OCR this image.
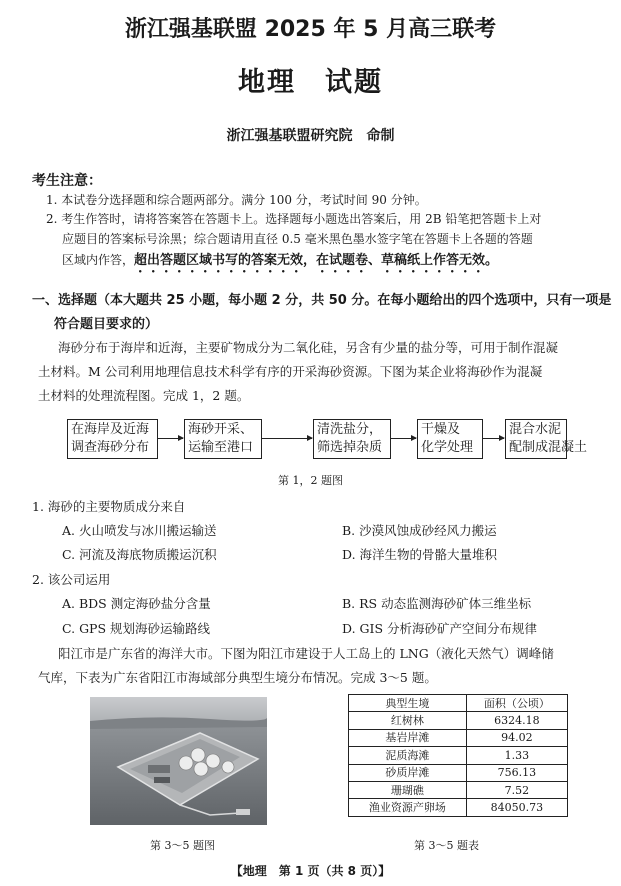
浙江强基联盟 2025 年 5 月高三联考
地理　试题
浙江强基联盟研究院　命制
考生注意：
1. 本试卷分选择题和综合题两部分。满分 100 分，考试时间 90 分钟。
2. 考生作答时，请将答案答在答题卡上。选择题每小题选出答案后，用 2B 铅笔把答题卡上对
应题目的答案标号涂黑；综合题请用直径 0.5 毫米黑色墨水签字笔在答题卡上各题的答题
区域内作答，超出答题区域书写的答案无效，在试题卷、草稿纸上作答无效。
一、选择题（本大题共 25 小题，每小题 2 分，共 50 分。在每小题给出的四个选项中，只有一项是
符合题目要求的）
海砂分布于海岸和近海，主要矿物成分为二氧化硅，另含有少量的盐分等，可用于制作混凝
土材料。M 公司利用地理信息技术科学有序的开采海砂资源。下图为某企业将海砂作为混凝
土材料的处理流程图。完成 1，2 题。
在海岸及近海
调查海砂分布
海砂开采、
运输至港口
清洗盐分，
筛选掉杂质
干燥及
化学处理
混合水泥
配制成混凝土
第 1，2 题图
1. 海砂的主要物质成分来自
A. 火山喷发与冰川搬运输送	B. 沙漠风蚀成砂经风力搬运
C. 河流及海底物质搬运沉积	D. 海洋生物的骨骼大量堆积
2. 该公司运用
A. BDS 测定海砂盐分含量	B. RS 动态监测海砂矿体三维坐标
C. GPS 规划海砂运输路线	D. GIS 分析海砂矿产空间分布规律
阳江市是广东省的海洋大市。下图为阳江市建设于人工岛上的 LNG（液化天然气）调峰储
气库，下表为广东省阳江市海域部分典型生境分布情况。完成 3～5 题。
第 3～5 题图
典型生境	面积（公顷）
红树林	6324.18
基岩岸滩	94.02
泥质海滩	1.33
砂质岸滩	756.13
珊瑚礁	7.52
渔业资源产卵场	84050.73
第 3～5 题表
【地理　第 1 页（共 8 页）】
